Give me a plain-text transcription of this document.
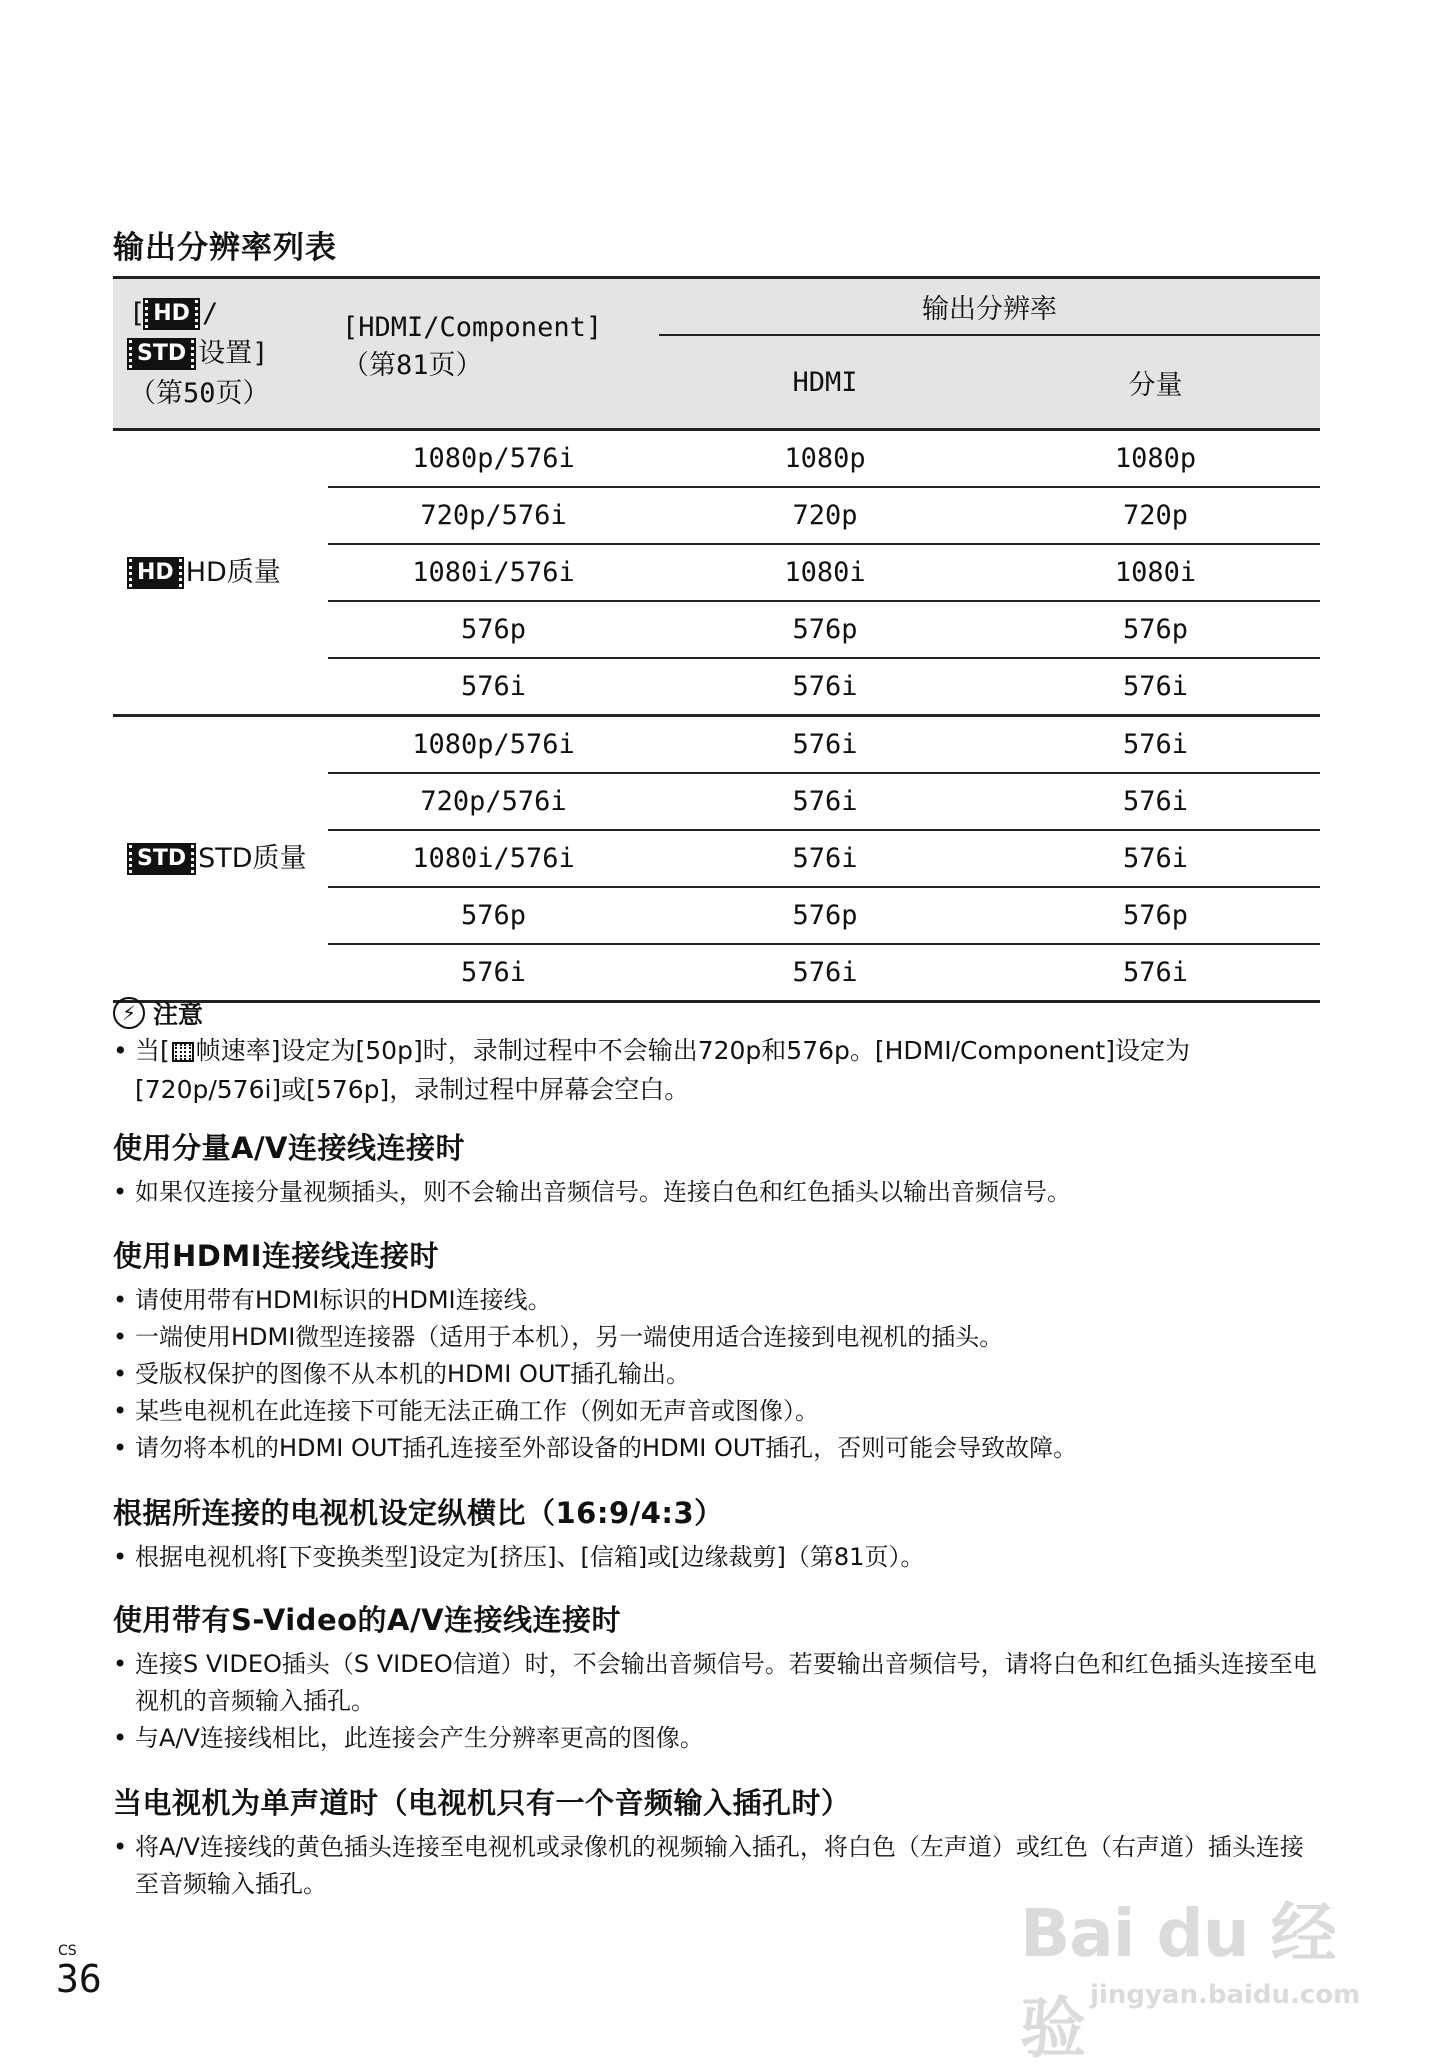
输出分辨率列表
[ HD /
STD 设置]
（第50页）	[HDMI/Component]
（第81页）	输出分辨率	
		HDMI	分量
HD HD质量	1080p/576i	1080p	1080p
	720p/576i	720p	720p
	1080i/576i	1080i	1080i
	576p	576p	576p
	576i	576i	576i
STD STD质量	1080p/576i	576i	576i
	720p/576i	576i	576i
	1080i/576i	576i	576i
	576p	576p	576p
	576i	576i	576i
⚡ 注意
• 当[ 帧速率]设定为[50p]时，录制过程中不会输出720p和576p。[HDMI/Component]设定为[720p/576i]或[576p]，录制过程中屏幕会空白。
使用分量A/V连接线连接时
• 如果仅连接分量视频插头，则不会输出音频信号。连接白色和红色插头以输出音频信号。
使用HDMI连接线连接时
• 请使用带有HDMI标识的HDMI连接线。
• 一端使用HDMI微型连接器（适用于本机），另一端使用适合连接到电视机的插头。
• 受版权保护的图像不从本机的HDMI OUT插孔输出。
• 某些电视机在此连接下可能无法正确工作（例如无声音或图像）。
• 请勿将本机的HDMI OUT插孔连接至外部设备的HDMI OUT插孔，否则可能会导致故障。
根据所连接的电视机设定纵横比（16:9/4:3）
• 根据电视机将[下变换类型]设定为[挤压]、[信箱]或[边缘裁剪]（第81页）。
使用带有S-Video的A/V连接线连接时
• 连接S VIDEO插头（S VIDEO信道）时，不会输出音频信号。若要输出音频信号，请将白色和红色插头连接至电视机的音频输入插孔。
• 与A/V连接线相比，此连接会产生分辨率更高的图像。
当电视机为单声道时（电视机只有一个音频输入插孔时）
• 将A/V连接线的黄色插头连接至电视机或录像机的视频输入插孔，将白色（左声道）或红色（右声道）插头连接至音频输入插孔。
CS
36
Bai du 经验 jingyan.baidu.com
